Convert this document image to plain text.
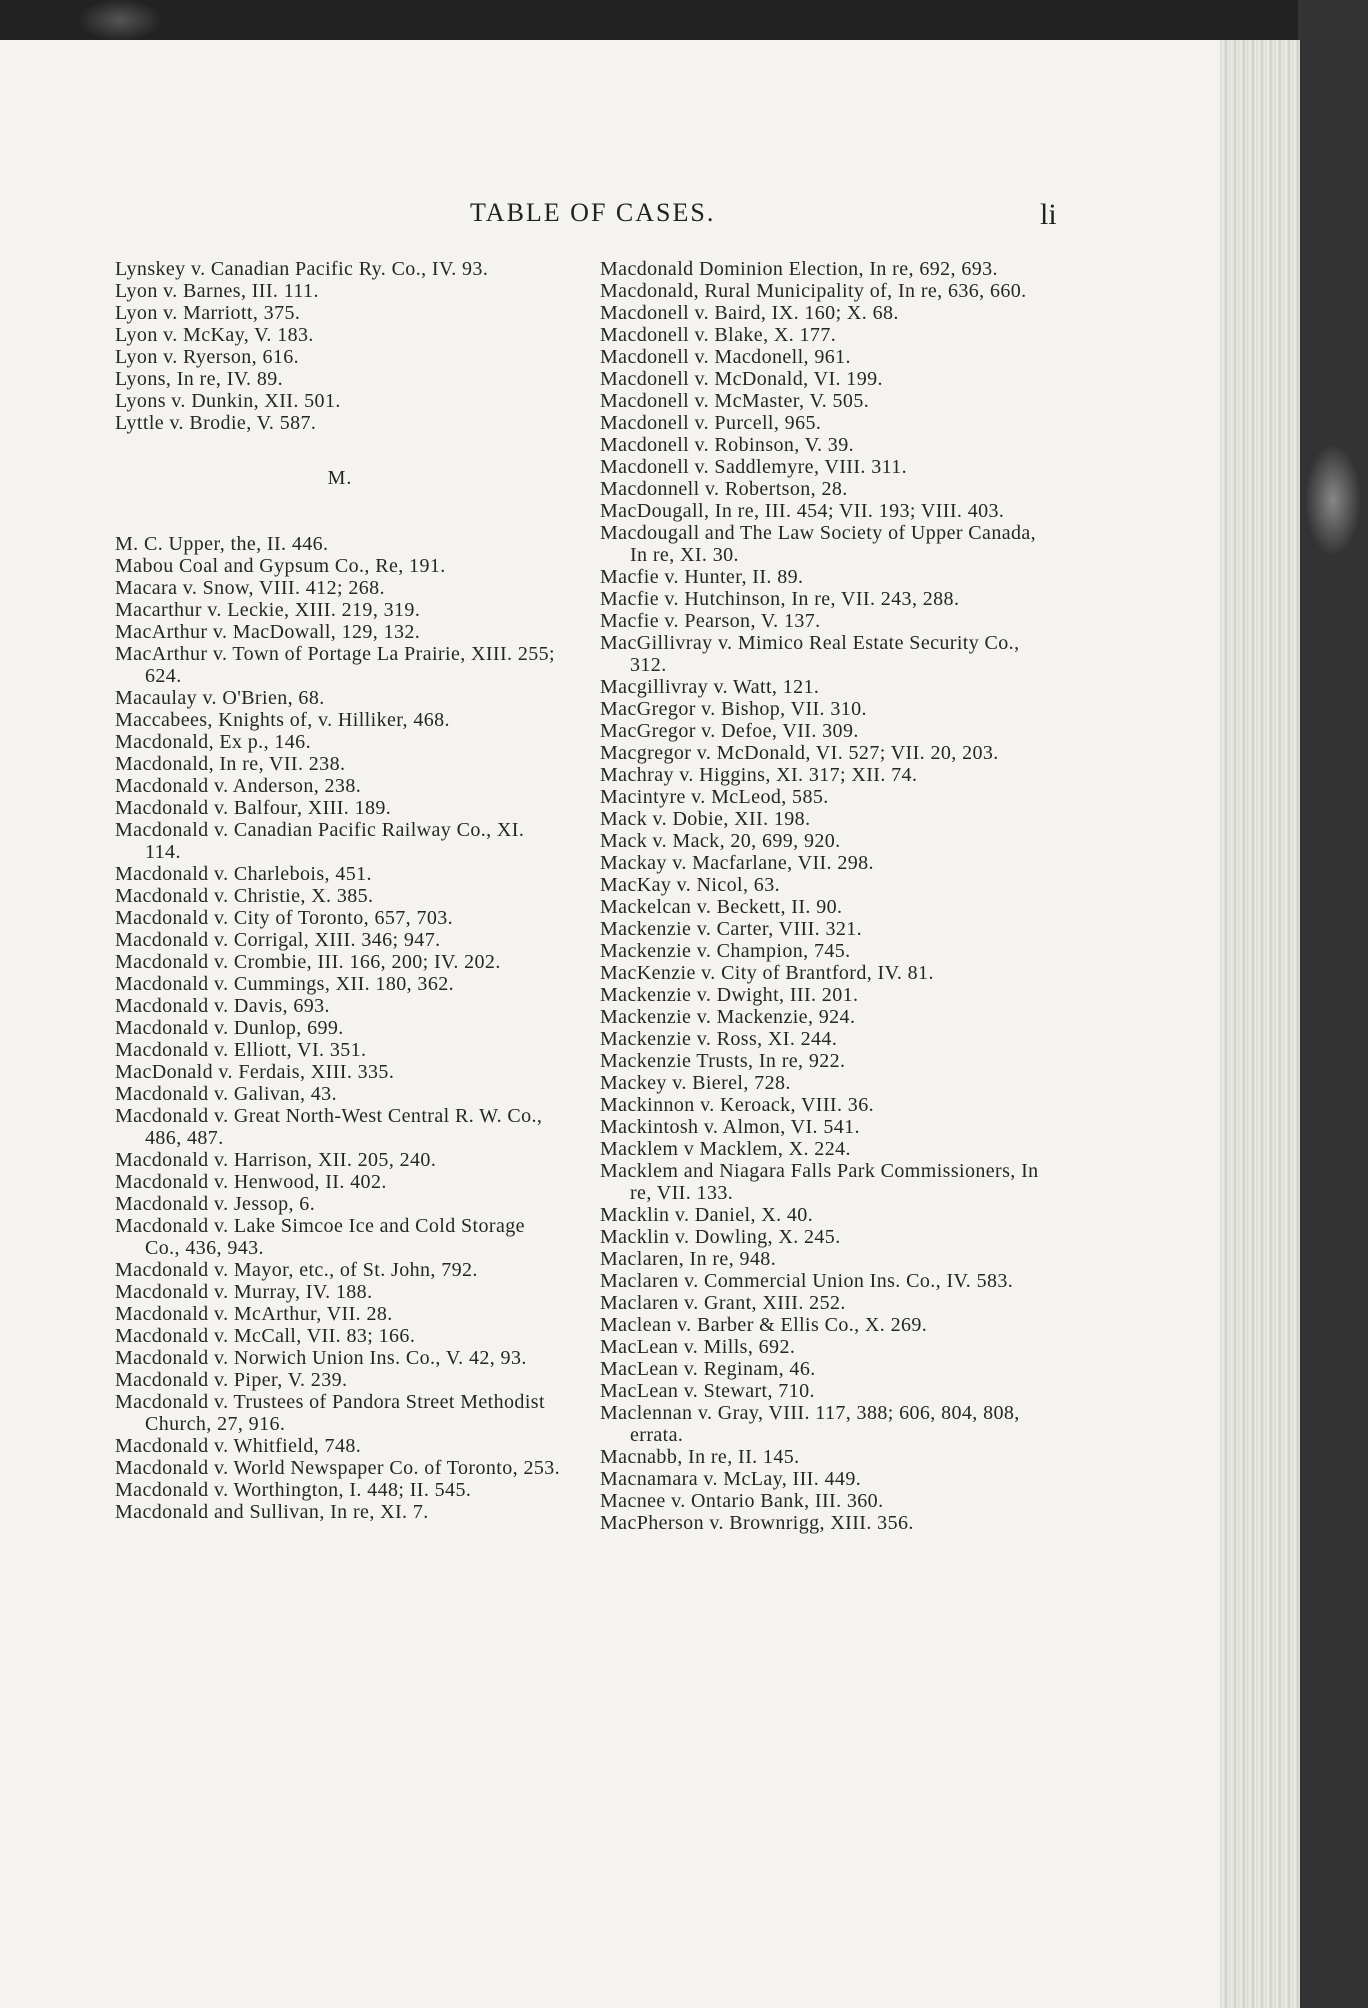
TABLE OF CASES.	li

Lynskey v. Canadian Pacific Ry. Co., IV. 93.

Lyon v. Barnes, III. 111.

Lyon v. Marriott, 375.

Lyon v. McKay, V. 183.

Lyon v. Ryerson, 616.

Lyons, In re, IV. 89.

Lyons v. Dunkin, XII. 501.

Lyttle v. Brodie, V. 587.

M.

M. C. Upper, the, II. 446.

Mabou Coal and Gypsum Co., Re, 191.

Macara v. Snow, VIII. 412; 268.

Macarthur v. Leckie, XIII. 219, 319.

MacArthur v. MacDowall, 129, 132.

MacArthur v. Town of Portage La Prairie, XIII. 255; 624.

Macaulay v. O'Brien, 68.

Maccabees, Knights of, v. Hilliker, 468.

Macdonald, Ex p., 146.

Macdonald, In re, VII. 238.

Macdonald v. Anderson, 238.

Macdonald v. Balfour, XIII. 189.

Macdonald v. Canadian Pacific Railway Co., XI. 114.

Macdonald v. Charlebois, 451.

Macdonald v. Christie, X. 385.

Macdonald v. City of Toronto, 657, 703.

Macdonald v. Corrigal, XIII. 346; 947.

Macdonald v. Crombie, III. 166, 200; IV. 202.

Macdonald v. Cummings, XII. 180, 362.

Macdonald v. Davis, 693.

Macdonald v. Dunlop, 699.

Macdonald v. Elliott, VI. 351.

MacDonald v. Ferdais, XIII. 335.

Macdonald v. Galivan, 43.

Macdonald v. Great North-West Central R. W. Co., 486, 487.

Macdonald v. Harrison, XII. 205, 240.

Macdonald v. Henwood, II. 402.

Macdonald v. Jessop, 6.

Macdonald v. Lake Simcoe Ice and Cold Storage Co., 436, 943.

Macdonald v. Mayor, etc., of St. John, 792.

Macdonald v. Murray, IV. 188.

Macdonald v. McArthur, VII. 28.

Macdonald v. McCall, VII. 83; 166.

Macdonald v. Norwich Union Ins. Co., V. 42, 93.

Macdonald v. Piper, V. 239.

Macdonald v. Trustees of Pandora Street Methodist Church, 27, 916.

Macdonald v. Whitfield, 748.

Macdonald v. World Newspaper Co. of Toronto, 253.

Macdonald v. Worthington, I. 448; II. 545.

Macdonald and Sullivan, In re, XI. 7.

Macdonald Dominion Election, In re, 692, 693.

Macdonald, Rural Municipality of, In re, 636, 660.

Macdonell v. Baird, IX. 160; X. 68.

Macdonell v. Blake, X. 177.

Macdonell v. Macdonell, 961.

Macdonell v. McDonald, VI. 199.

Macdonell v. McMaster, V. 505.

Macdonell v. Purcell, 965.

Macdonell v. Robinson, V. 39.

Macdonell v. Saddlemyre, VIII. 311.

Macdonnell v. Robertson, 28.

MacDougall, In re, III. 454; VII. 193; VIII. 403.

Macdougall and The Law Society of Upper Canada, In re, XI. 30.

Macfie v. Hunter, II. 89.

Macfie v. Hutchinson, In re, VII. 243, 288.

Macfie v. Pearson, V. 137.

MacGillivray v. Mimico Real Estate Security Co., 312.

Macgillivray v. Watt, 121.

MacGregor v. Bishop, VII. 310.

MacGregor v. Defoe, VII. 309.

Macgregor v. McDonald, VI. 527; VII. 20, 203.

Machray v. Higgins, XI. 317; XII. 74.

Macintyre v. McLeod, 585.

Mack v. Dobie, XII. 198.

Mack v. Mack, 20, 699, 920.

Mackay v. Macfarlane, VII. 298.

MacKay v. Nicol, 63.

Mackelcan v. Beckett, II. 90.

Mackenzie v. Carter, VIII. 321.

Mackenzie v. Champion, 745.

MacKenzie v. City of Brantford, IV. 81.

Mackenzie v. Dwight, III. 201.

Mackenzie v. Mackenzie, 924.

Mackenzie v. Ross, XI. 244.

Mackenzie Trusts, In re, 922.

Mackey v. Bierel, 728.

Mackinnon v. Keroack, VIII. 36.

Mackintosh v. Almon, VI. 541.

Macklem v Macklem, X. 224.

Macklem and Niagara Falls Park Commissioners, In re, VII. 133.

Macklin v. Daniel, X. 40.

Macklin v. Dowling, X. 245.

Maclaren, In re, 948.

Maclaren v. Commercial Union Ins. Co., IV. 583.

Maclaren v. Grant, XIII. 252.

Maclean v. Barber & Ellis Co., X. 269.

MacLean v. Mills, 692.

MacLean v. Reginam, 46.

MacLean v. Stewart, 710.

Maclennan v. Gray, VIII. 117, 388; 606, 804, 808, errata.

Macnabb, In re, II. 145.

Macnamara v. McLay, III. 449.

Macnee v. Ontario Bank, III. 360.

MacPherson v. Brownrigg, XIII. 356.
